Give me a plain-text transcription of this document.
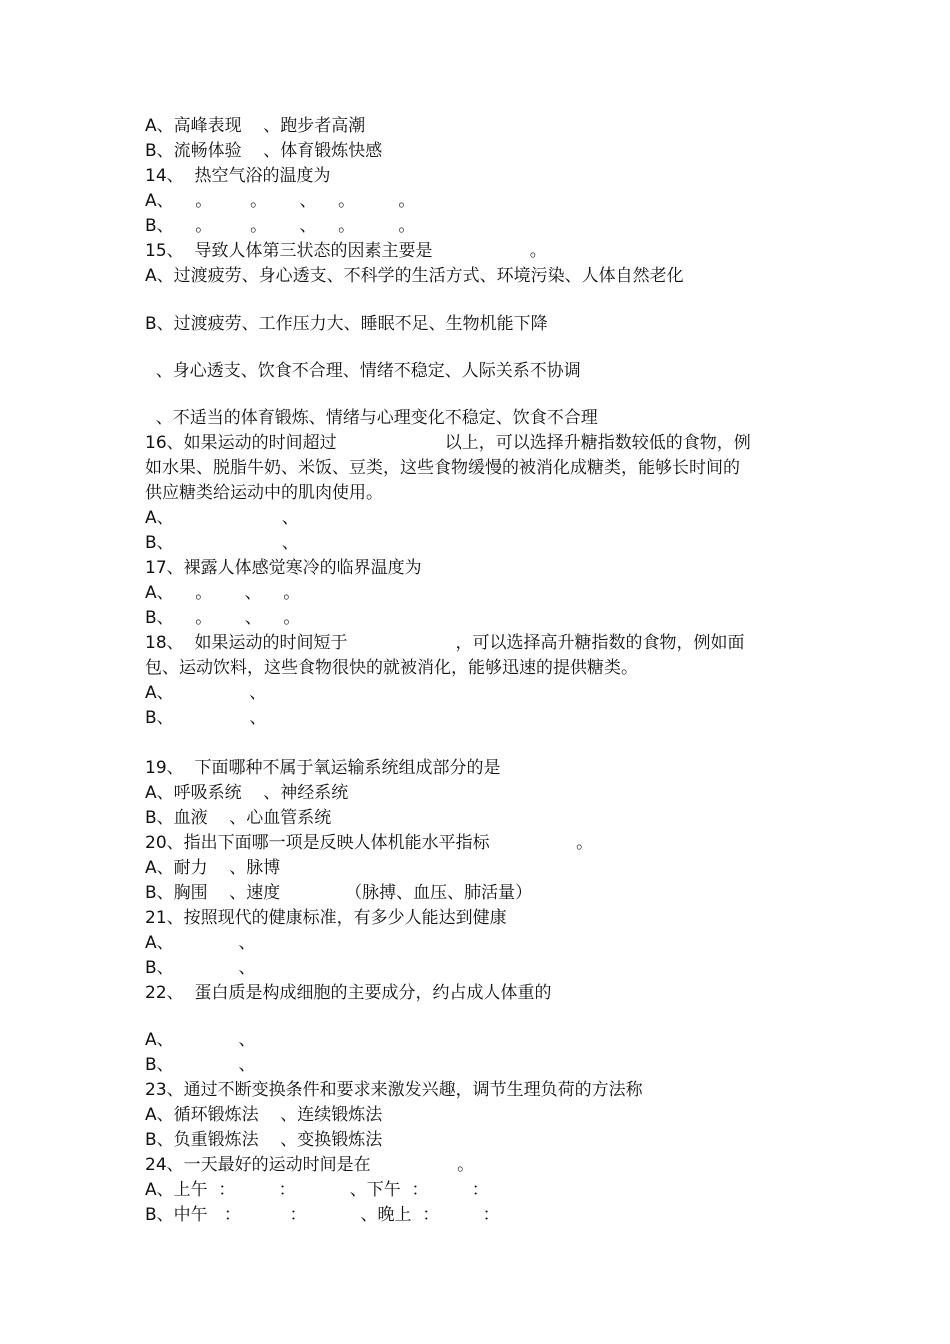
A、高峰表现    、跑步者高潮
B、流畅体验    、体育锻炼快感
14、  热空气浴的温度为
A、    。       。      、    。        。
B、    。       。      、    。        。
15、  导致人体第三状态的因素主要是                  。
A、过渡疲劳、身心透支、不科学的生活方式、环境污染、人体自然老化
B、过渡疲劳、工作压力大、睡眠不足、生物机能下降
、身心透支、饮食不合理、情绪不稳定、人际关系不协调
、不适当的体育锻炼、情绪与心理变化不稳定、饮食不合理
16、如果运动的时间超过                    以上，可以选择升糖指数较低的食物，例
如水果、脱脂牛奶、米饭、豆类，这些食物缓慢的被消化成糖类，能够长时间的
供应糖类给运动中的肌肉使用。
A、                    、
B、                    、
17、裸露人体感觉寒冷的临界温度为
A、    。      、    。
B、    。      、    。
18、  如果运动的时间短于                    ，可以选择高升糖指数的食物，例如面
包、运动饮料，这些食物很快的就被消化，能够迅速的提供糖类。
A、              、
B、              、
19、  下面哪种不属于氧运输系统组成部分的是
A、呼吸系统    、神经系统
B、血液    、心血管系统
20、指出下面哪一项是反映人体机能水平指标                。
A、耐力    、脉博
B、胸围    、速度            （脉搏、血压、肺活量）
21、按照现代的健康标准，有多少人能达到健康
A、            、
B、            、
22、  蛋白质是构成细胞的主要成分，约占成人体重的
A、            、
B、            、
23、通过不断变换条件和要求来激发兴趣，调节生理负荷的方法称
A、循环锻炼法    、连续锻炼法
B、负重锻炼法    、变换锻炼法
24、一天最好的运动时间是在                。
A、上午  ：        ：          、下午  ：        ：
B、中午   ：         ：          、晚上  ：        ：
